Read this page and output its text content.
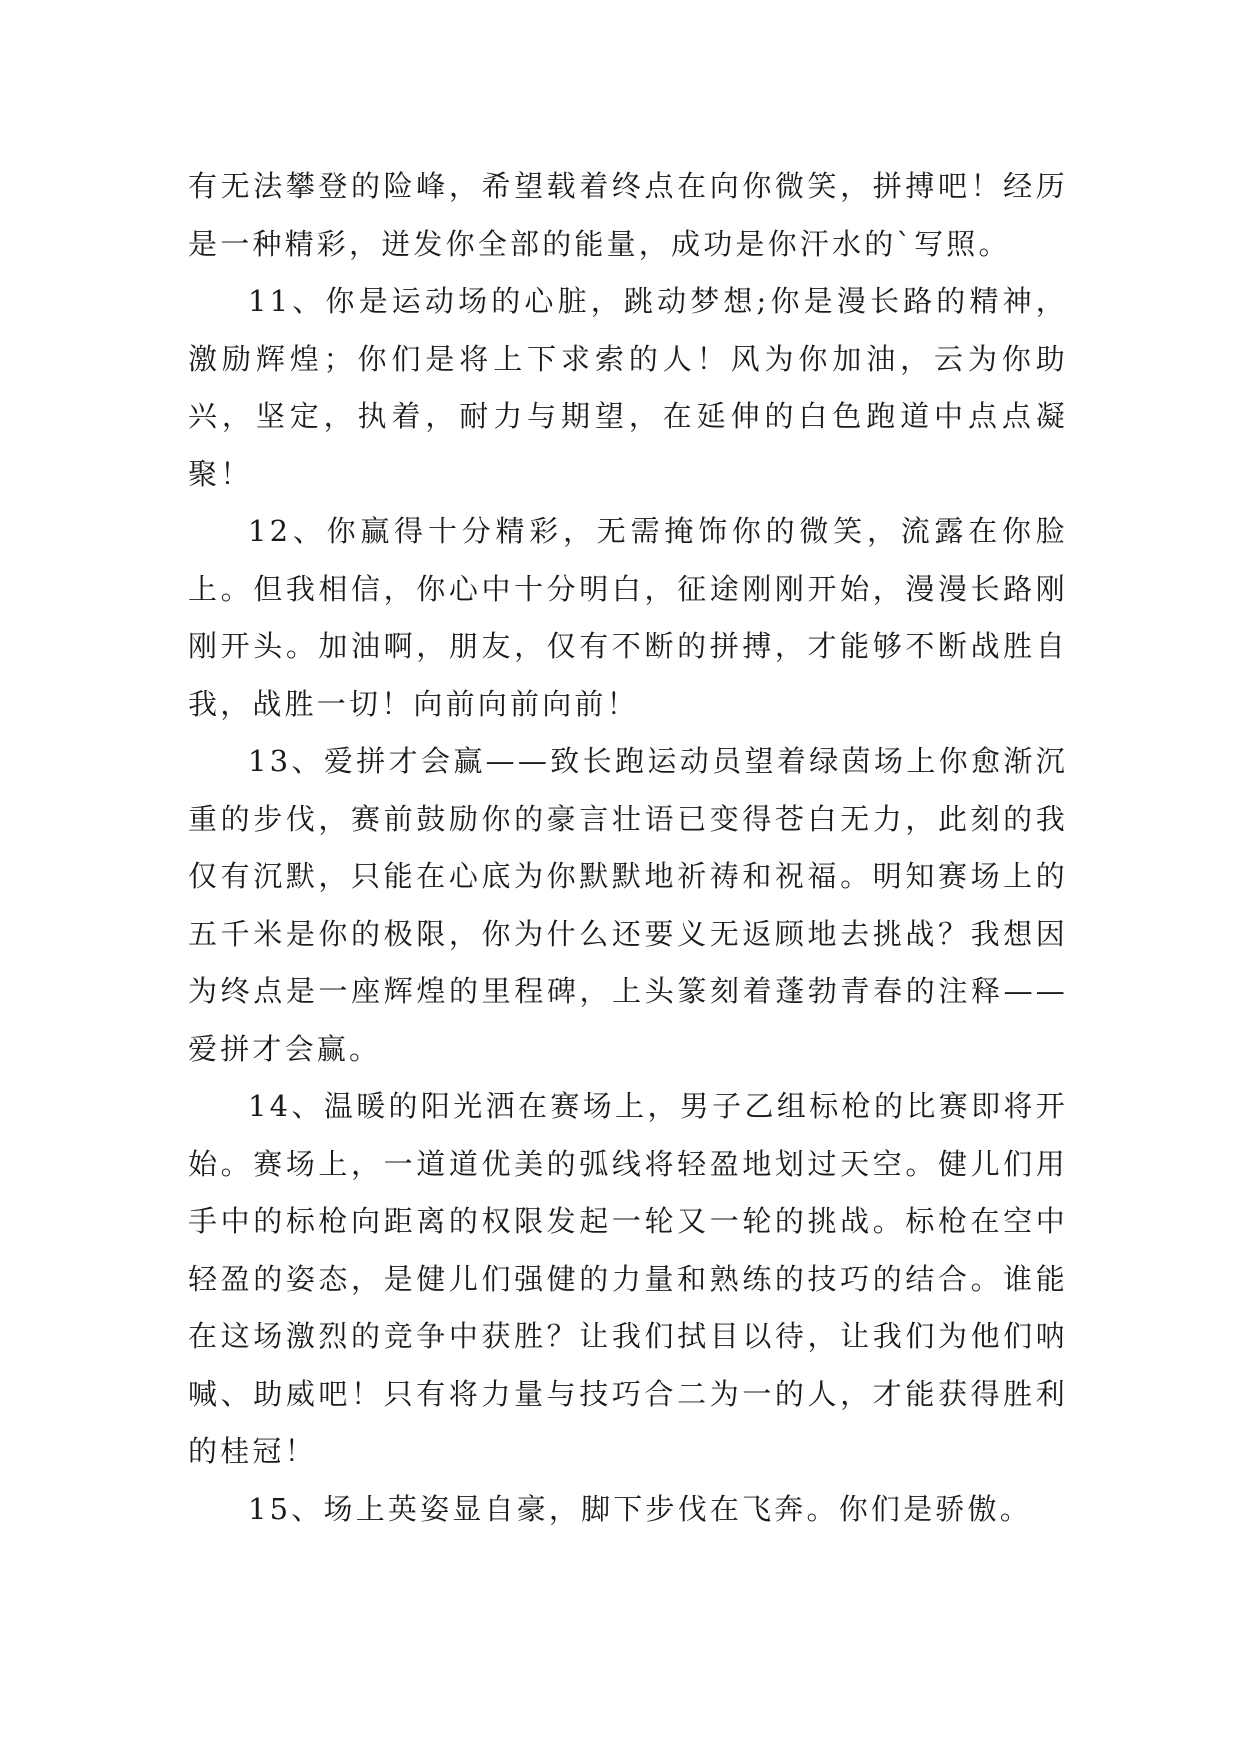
有无法攀登的险峰，希望载着终点在向你微笑，拼搏吧！经历是一种精彩，迸发你全部的能量，成功是你汗水的`写照。

11、你是运动场的心脏，跳动梦想;你是漫长路的精神，激励辉煌；你们是将上下求索的人！风为你加油，云为你助兴，坚定，执着，耐力与期望，在延伸的白色跑道中点点凝聚！

12、你赢得十分精彩，无需掩饰你的微笑，流露在你脸上。但我相信，你心中十分明白，征途刚刚开始，漫漫长路刚刚开头。加油啊，朋友，仅有不断的拼搏，才能够不断战胜自我，战胜一切！向前向前向前！

13、爱拼才会赢——致长跑运动员望着绿茵场上你愈渐沉重的步伐，赛前鼓励你的豪言壮语已变得苍白无力，此刻的我仅有沉默，只能在心底为你默默地祈祷和祝福。明知赛场上的五千米是你的极限，你为什么还要义无返顾地去挑战？我想因为终点是一座辉煌的里程碑，上头篆刻着蓬勃青春的注释——爱拼才会赢。

14、温暖的阳光洒在赛场上，男子乙组标枪的比赛即将开始。赛场上，一道道优美的弧线将轻盈地划过天空。健儿们用手中的标枪向距离的权限发起一轮又一轮的挑战。标枪在空中轻盈的姿态，是健儿们强健的力量和熟练的技巧的结合。谁能在这场激烈的竞争中获胜？让我们拭目以待，让我们为他们呐喊、助威吧！只有将力量与技巧合二为一的人，才能获得胜利的桂冠！

15、场上英姿显自豪，脚下步伐在飞奔。你们是骄傲。
